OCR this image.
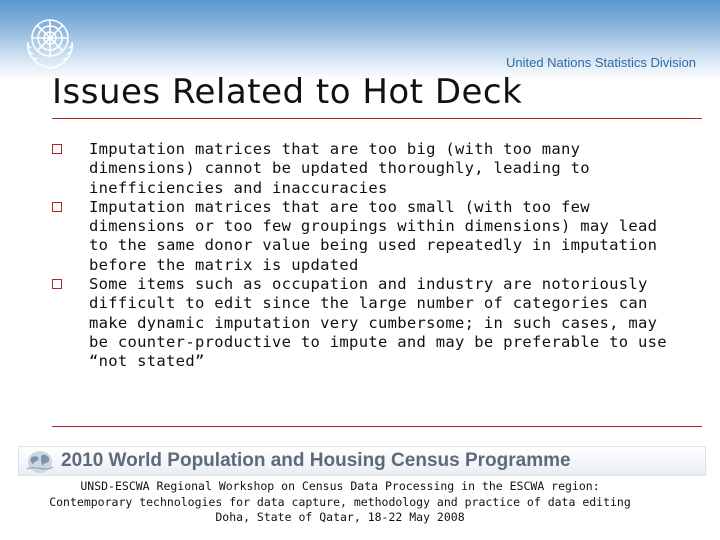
United Nations Statistics Division
Issues Related to Hot Deck
Imputation matrices that are too big (with too many dimensions) cannot be updated thoroughly, leading to inefficiencies and inaccuracies
Imputation matrices that are too small (with too few dimensions or too few groupings within dimensions) may lead to the same donor value being used repeatedly in imputation before the matrix is updated
Some items such as occupation and industry are notoriously difficult to edit since the large number of categories can make dynamic imputation very cumbersome; in such cases, may be counter-productive to impute and may be preferable to use “not stated”
2010 World Population and Housing Census Programme
UNSD-ESCWA Regional Workshop on Census Data Processing in the ESCWA region:
Contemporary technologies for data capture, methodology and practice of data editing
Doha, State of Qatar, 18-22 May 2008
